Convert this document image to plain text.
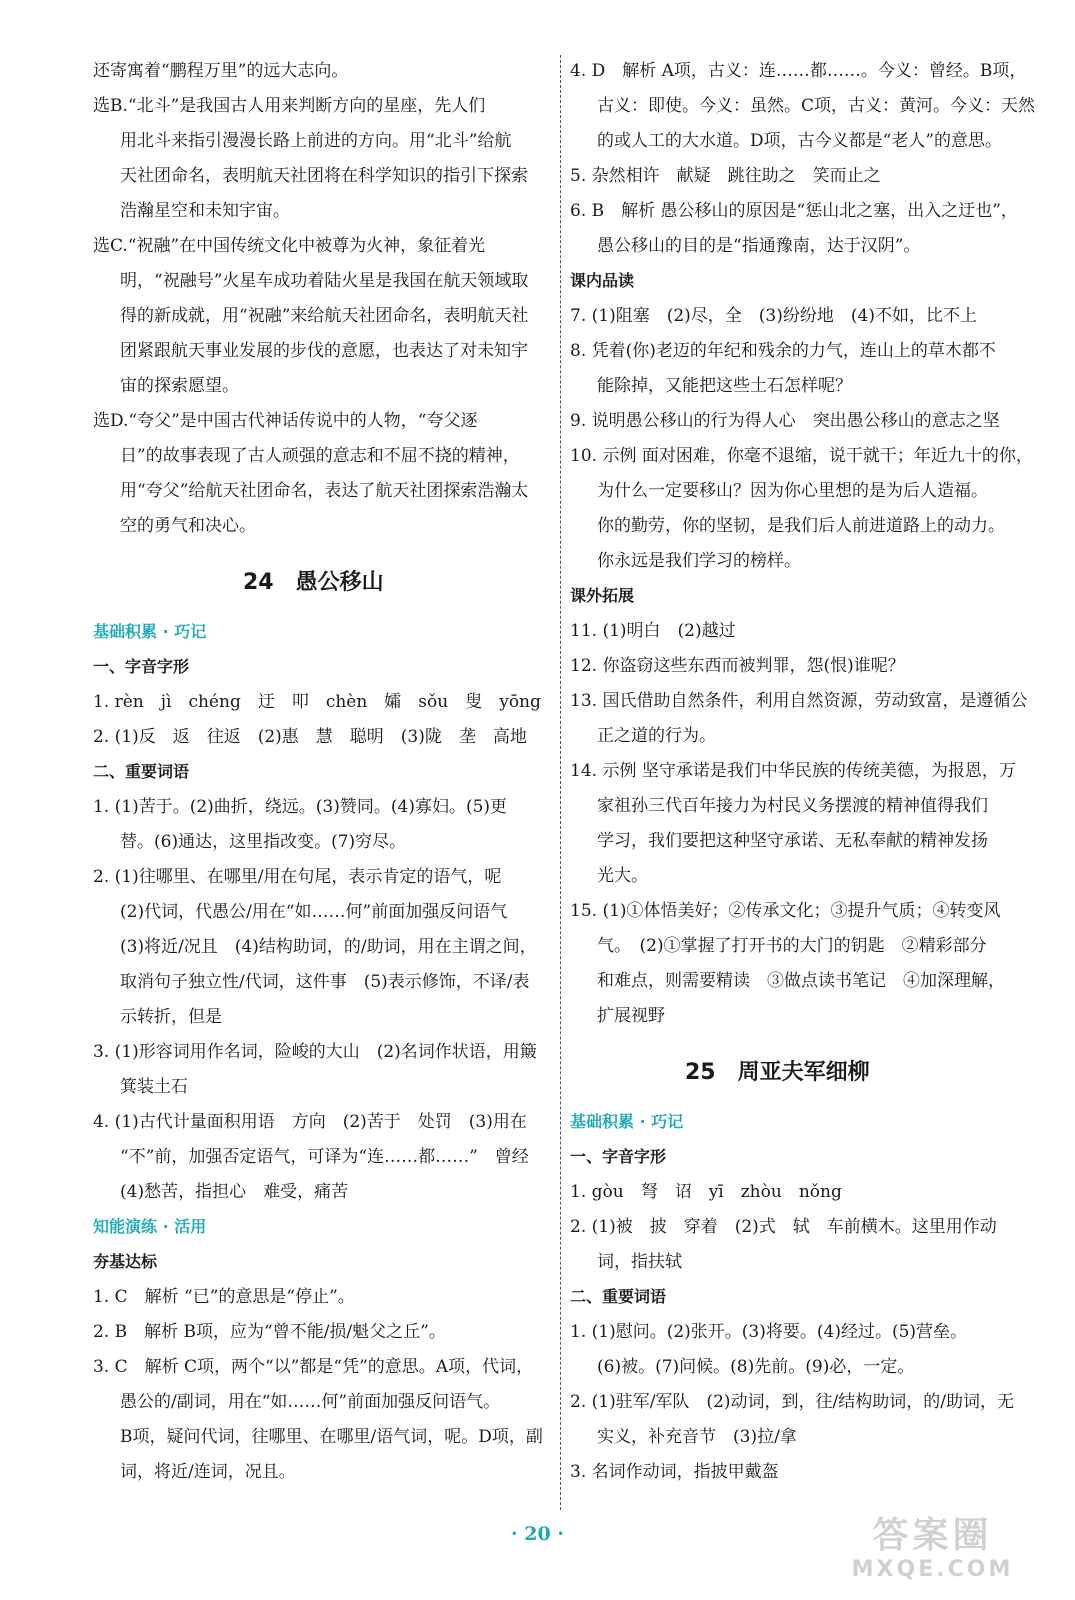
还寄寓着“鹏程万里”的远大志向。
选B.“北斗”是我国古人用来判断方向的星座，先人们
用北斗来指引漫漫长路上前进的方向。用“北斗”给航
天社团命名，表明航天社团将在科学知识的指引下探索
浩瀚星空和未知宇宙。
选C.“祝融”在中国传统文化中被尊为火神，象征着光
明，“祝融号”火星车成功着陆火星是我国在航天领域取
得的新成就，用“祝融”来给航天社团命名，表明航天社
团紧跟航天事业发展的步伐的意愿，也表达了对未知宇
宙的探索愿望。
选D.“夸父”是中国古代神话传说中的人物，“夸父逐
日”的故事表现了古人顽强的意志和不屈不挠的精神，
用“夸父”给航天社团命名，表达了航天社团探索浩瀚太
空的勇气和决心。
24　愚公移山
基础积累 · 巧记
一、字音字形
1. rèn　jì　chéng　迂　叩　chèn　孀　sǒu　叟　yōng
2. (1)反　返　往返　(2)惠　慧　聪明　(3)陇　垄　高地
二、重要词语
1. (1)苦于。(2)曲折，绕远。(3)赞同。(4)寡妇。(5)更
替。(6)通达，这里指改变。(7)穷尽。
2. (1)往哪里、在哪里/用在句尾，表示肯定的语气，呢
(2)代词，代愚公/用在“如……何”前面加强反问语气
(3)将近/况且　(4)结构助词，的/助词，用在主谓之间，
取消句子独立性/代词，这件事　(5)表示修饰，不译/表
示转折，但是
3. (1)形容词用作名词，险峻的大山　(2)名词作状语，用簸
箕装土石
4. (1)古代计量面积用语　方向　(2)苦于　处罚　(3)用在
“不”前，加强否定语气，可译为“连……都……”　曾经
(4)愁苦，指担心　难受，痛苦
知能演练 · 活用
夯基达标
1. C　解析 “已”的意思是“停止”。
2. B　解析 B项，应为“曾不能/损/魁父之丘”。
3. C　解析 C项，两个“以”都是“凭”的意思。A项，代词，
愚公的/副词，用在“如……何”前面加强反问语气。
B项，疑问代词，往哪里、在哪里/语气词，呢。D项，副
词，将近/连词，况且。
4. D　解析 A项，古义：连……都……。今义：曾经。B项，
古义：即使。今义：虽然。C项，古义：黄河。今义：天然
的或人工的大水道。D项，古今义都是“老人”的意思。
5. 杂然相许　献疑　跳往助之　笑而止之
6. B　解析 愚公移山的原因是“惩山北之塞，出入之迂也”，
愚公移山的目的是“指通豫南，达于汉阴”。
课内品读
7. (1)阻塞　(2)尽，全　(3)纷纷地　(4)不如，比不上
8. 凭着(你)老迈的年纪和残余的力气，连山上的草木都不
能除掉，又能把这些土石怎样呢？
9. 说明愚公移山的行为得人心　突出愚公移山的意志之坚
10. 示例 面对困难，你毫不退缩，说干就干；年近九十的你，
为什么一定要移山？因为你心里想的是为后人造福。
你的勤劳，你的坚韧，是我们后人前进道路上的动力。
你永远是我们学习的榜样。
课外拓展
11. (1)明白　(2)越过
12. 你盗窃这些东西而被判罪，怨(恨)谁呢？
13. 国氏借助自然条件，利用自然资源，劳动致富，是遵循公
正之道的行为。
14. 示例 坚守承诺是我们中华民族的传统美德，为报恩，万
家祖孙三代百年接力为村民义务摆渡的精神值得我们
学习，我们要把这种坚守承诺、无私奉献的精神发扬
光大。
15. (1)①体悟美好；②传承文化；③提升气质；④转变风
气。　(2)①掌握了打开书的大门的钥匙　②精彩部分
和难点，则需要精读　③做点读书笔记　④加深理解，
扩展视野
25　周亚夫军细柳
基础积累 · 巧记
一、字音字形
1. gòu　弩　诏　yī　zhòu　nǒng
2. (1)被　披　穿着　(2)式　轼　车前横木。这里用作动
词，指扶轼
二、重要词语
1. (1)慰问。(2)张开。(3)将要。(4)经过。(5)营垒。
(6)被。(7)问候。(8)先前。(9)必，一定。
2. (1)驻军/军队　(2)动词，到，往/结构助词，的/助词，无
实义，补充音节　(3)拉/拿
3. 名词作动词，指披甲戴盔
· 20 ·	答案圈
MXQE.COM
